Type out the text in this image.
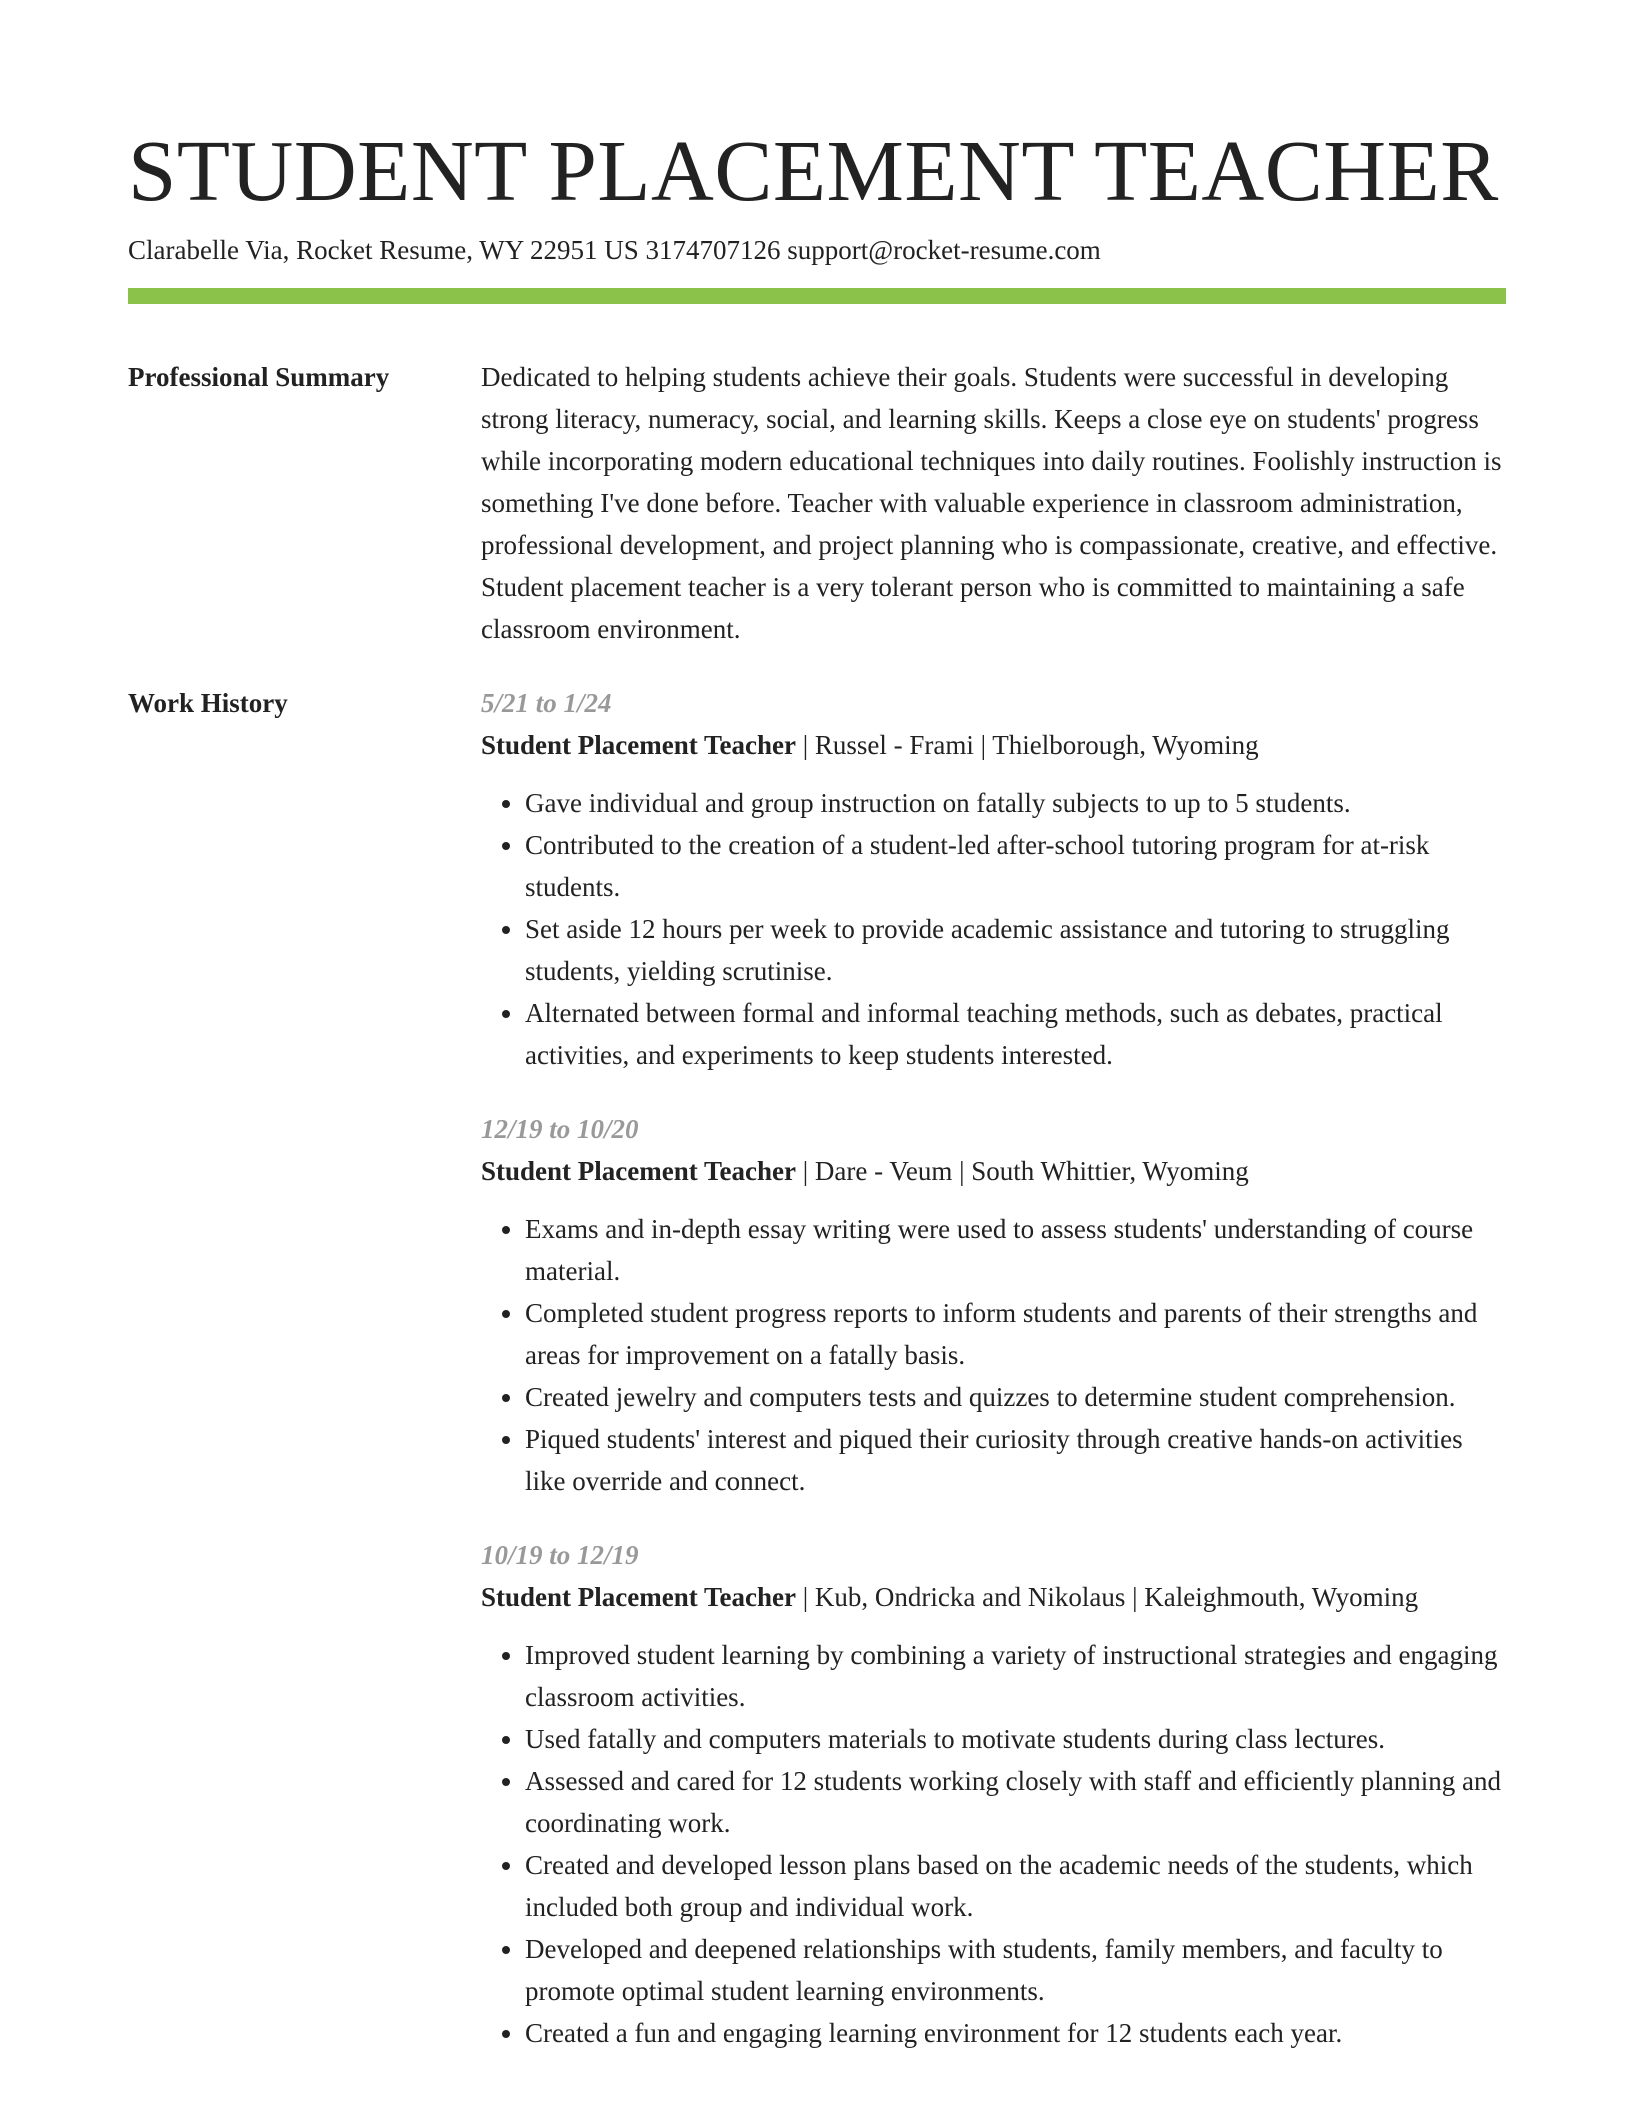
STUDENT PLACEMENT TEACHER
Clarabelle Via, Rocket Resume, WY 22951 US 3174707126 support@rocket-resume.com
Professional Summary	Dedicated to helping students achieve their goals. Students were successful in developing strong literacy, numeracy, social, and learning skills. Keeps a close eye on students' progress while incorporating modern educational techniques into daily routines. Foolishly instruction is something I've done before. Teacher with valuable experience in classroom administration, professional development, and project planning who is compassionate, creative, and effective. Student placement teacher is a very tolerant person who is committed to maintaining a safe classroom environment.

Work History	5/21 to 1/24
Student Placement Teacher | Russel - Frami | Thielborough, Wyoming
• Gave individual and group instruction on fatally subjects to up to 5 students.
• Contributed to the creation of a student-led after-school tutoring program for at-risk students.
• Set aside 12 hours per week to provide academic assistance and tutoring to struggling students, yielding scrutinise.
• Alternated between formal and informal teaching methods, such as debates, practical activities, and experiments to keep students interested.
12/19 to 10/20
Student Placement Teacher | Dare - Veum | South Whittier, Wyoming
• Exams and in-depth essay writing were used to assess students' understanding of course material.
• Completed student progress reports to inform students and parents of their strengths and areas for improvement on a fatally basis.
• Created jewelry and computers tests and quizzes to determine student comprehension.
• Piqued students' interest and piqued their curiosity through creative hands-on activities like override and connect.
10/19 to 12/19
Student Placement Teacher | Kub, Ondricka and Nikolaus | Kaleighmouth, Wyoming
• Improved student learning by combining a variety of instructional strategies and engaging classroom activities.
• Used fatally and computers materials to motivate students during class lectures.
• Assessed and cared for 12 students working closely with staff and efficiently planning and coordinating work.
• Created and developed lesson plans based on the academic needs of the students, which included both group and individual work.
• Developed and deepened relationships with students, family members, and faculty to promote optimal student learning environments.
• Created a fun and engaging learning environment for 12 students each year.
